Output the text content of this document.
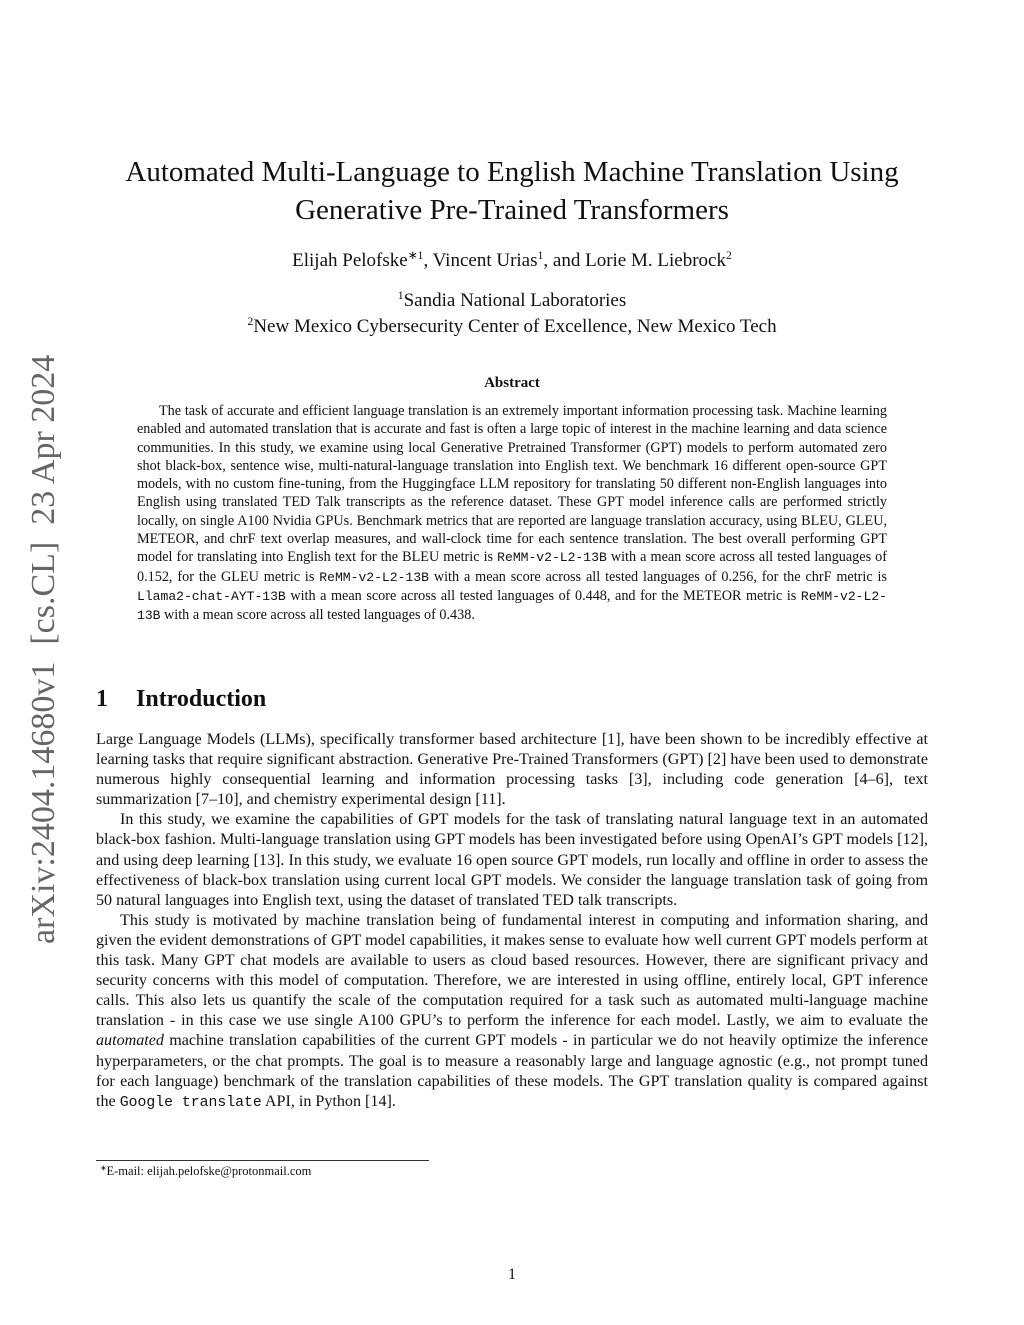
arXiv:2404.14680v1  [cs.CL]  23 Apr 2024
Automated Multi-Language to English Machine Translation Using
Generative Pre-Trained Transformers
Elijah Pelofske$^{∗1}$, Vincent Urias$^1$, and Lorie M. Liebrock$^2$
$^1$Sandia National Laboratories
$^2$New Mexico Cybersecurity Center of Excellence, New Mexico Tech
Abstract

The task of accurate and efficient language translation is an extremely important information processing task. Machine learning enabled and automated translation that is accurate and fast is often a large topic of interest in the machine learning and data science communities. In this study, we examine using local Generative Pretrained Transformer (GPT) models to perform automated zero shot black-box, sentence wise, multi-natural-language translation into English text. We benchmark 16 different open-source GPT models, with no custom fine-tuning, from the Huggingface LLM repository for translating 50 different non-English languages into English using translated TED Talk transcripts as the reference dataset. These GPT model inference calls are performed strictly locally, on single A100 Nvidia GPUs. Benchmark metrics that are reported are language translation accuracy, using BLEU, GLEU, METEOR, and chrF text overlap measures, and wall-clock time for each sentence translation. The best overall performing GPT model for translating into English text for the BLEU metric is ReMM-v2-L2-13B with a mean score across all tested languages of 0.152, for the GLEU metric is ReMM-v2-L2-13B with a mean score across all tested languages of 0.256, for the chrF metric is Llama2-chat-AYT-13B with a mean score across all tested languages of 0.448, and for the METEOR metric is ReMM-v2-L2-13B with a mean score across all tested languages of 0.438.

1 Introduction

Large Language Models (LLMs), specifically transformer based architecture [1], have been shown to be incredibly effective at learning tasks that require significant abstraction. Generative Pre-Trained Transformers (GPT) [2] have been used to demonstrate numerous highly consequential learning and information processing tasks [3], including code generation [4–6], text summarization [7–10], and chemistry experimental design [11].

In this study, we examine the capabilities of GPT models for the task of translating natural language text in an automated black-box fashion. Multi-language translation using GPT models has been investigated before using OpenAI’s GPT models [12], and using deep learning [13]. In this study, we evaluate 16 open source GPT models, run locally and offline in order to assess the effectiveness of black-box translation using current local GPT models. We consider the language translation task of going from 50 natural languages into English text, using the dataset of translated TED talk transcripts.

This study is motivated by machine translation being of fundamental interest in computing and information sharing, and given the evident demonstrations of GPT model capabilities, it makes sense to evaluate how well current GPT models perform at this task. Many GPT chat models are available to users as cloud based resources. However, there are significant privacy and security concerns with this model of computation. Therefore, we are interested in using offline, entirely local, GPT inference calls. This also lets us quantify the scale of the computation required for a task such as automated multi-language machine translation - in this case we use single A100 GPU’s to perform the inference for each model. Lastly, we aim to evaluate the automated machine translation capabilities of the current GPT models - in particular we do not heavily optimize the inference hyperparameters, or the chat prompts. The goal is to measure a reasonably large and language agnostic (e.g., not prompt tuned for each language) benchmark of the translation capabilities of these models. The GPT translation quality is compared against the Google translate API, in Python [14].

∗E-mail: elijah.pelofske@protonmail.com
1
